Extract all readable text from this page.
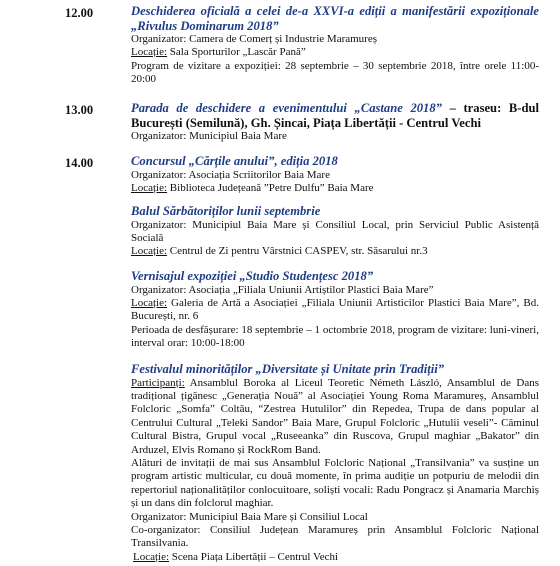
12.00	Deschiderea oficială a celei de-a XXVI-a ediții a manifestării expoziționale „Rivulus Dominarum 2018”
Organizator: Camera de Comerț și Industrie Maramureș
Locație: Sala Sporturilor „Lascăr Pană”
Program de vizitare a expoziției: 28 septembrie – 30 septembrie 2018, între orele 11:00-20:00
13.00	Parada de deschidere a evenimentului „Castane 2018” – traseu: B-dul București (Semilună), Gh. Șincai, Piața Libertății - Centrul Vechi
Organizator: Municipiul Baia Mare
14.00	Concursul „Cărțile anului”, ediția 2018
Organizator: Asociația Scriitorilor Baia Mare
Locație: Biblioteca Județeană ”Petre Dulfu” Baia Mare
Balul Sărbătoriților lunii septembrie
Organizator: Municipiul Baia Mare și Consiliul Local, prin Serviciul Public Asistență Socială
Locație: Centrul de Zi pentru Vârstnici CASPEV, str. Săsarului nr.3
Vernisajul expoziției „Studio Studențesc 2018”
Organizator: Asociația „Filiala Uniunii Artiștilor Plastici Baia Mare”
Locație: Galeria de Artă a Asociației „Filiala Uniunii Artisticilor Plastici Baia Mare”, Bd. București, nr. 6
Perioada de desfășurare: 18 septembrie – 1 octombrie 2018, program de vizitare: luni-vineri, interval orar: 10:00-18:00
Festivalul minorităților „Diversitate și Unitate prin Tradiții”
Participanți: Ansamblul Boroka al Liceul Teoretic Németh László, Ansamblul de Dans tradițional țigănesc „Generația Nouă” al Asociației Young Roma Maramureș, Ansamblul Folcloric „Somfa” Coltău, “Zestrea Hutulilor” din Repedea, Trupa de dans popular al Centrului Cultural „Teleki Sandor” Baia Mare, Grupul Folcloric „Hutulii veseli”- Căminul Cultural Bistra, Grupul vocal „Ruseeanka” din Ruscova, Grupul maghiar „Bakator” din Arduzel, Elvis Romano și RockRom Band.
Alături de invitații de mai sus Ansamblul Folcloric Național „Transilvania” va susține un program artistic multicular, cu două momente, în prima audiție un potpuriu de melodii din repertoriul naționalităților conlocuitoare, soliști vocali: Radu Pongracz și Anamaria Marchiș și un dans din folclorul maghiar.
Organizator: Municipiul Baia Mare și Consiliul Local
Co-organizator: Consiliul Județean Maramureș prin Ansamblul Folcloric Național Transilvania.
Locație: Scena Piața Libertății – Centrul Vechi
